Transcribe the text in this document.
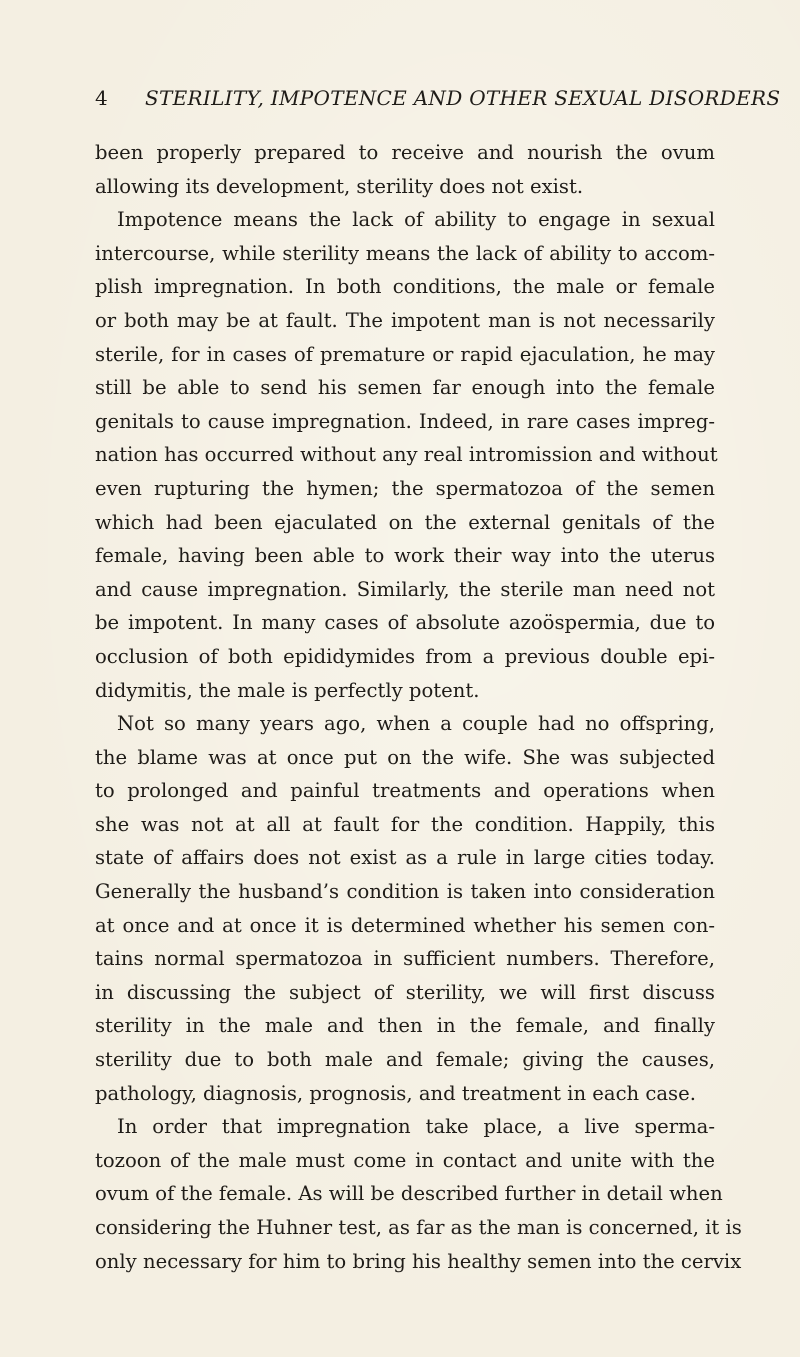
4 STERILITY, IMPOTENCE AND OTHER SEXUAL DISORDERS
been properly prepared to receive and nourish the ovum
allowing its development, sterility does not exist.
Impotence means the lack of ability to engage in sexual
intercourse, while sterility means the lack of ability to accom-
plish impregnation. In both conditions, the male or female
or both may be at fault. The impotent man is not necessarily
sterile, for in cases of premature or rapid ejaculation, he may
still be able to send his semen far enough into the female
genitals to cause impregnation. Indeed, in rare cases impreg-
nation has occurred without any real intromission and without
even rupturing the hymen; the spermatozoa of the semen
which had been ejaculated on the external genitals of the
female, having been able to work their way into the uterus
and cause impregnation. Similarly, the sterile man need not
be impotent. In many cases of absolute azoöspermia, due to
occlusion of both epididymides from a previous double epi-
didymitis, the male is perfectly potent.
Not so many years ago, when a couple had no offspring,
the blame was at once put on the wife. She was subjected
to prolonged and painful treatments and operations when
she was not at all at fault for the condition. Happily, this
state of affairs does not exist as a rule in large cities today.
Generally the husband’s condition is taken into consideration
at once and at once it is determined whether his semen con-
tains normal spermatozoa in sufficient numbers. Therefore,
in discussing the subject of sterility, we will first discuss
sterility in the male and then in the female, and finally
sterility due to both male and female; giving the causes,
pathology, diagnosis, prognosis, and treatment in each case.
In order that impregnation take place, a live sperma-
tozoon of the male must come in contact and unite with the
ovum of the female. As will be described further in detail when
considering the Huhner test, as far as the man is concerned, it is
only necessary for him to bring his healthy semen into the cervix
